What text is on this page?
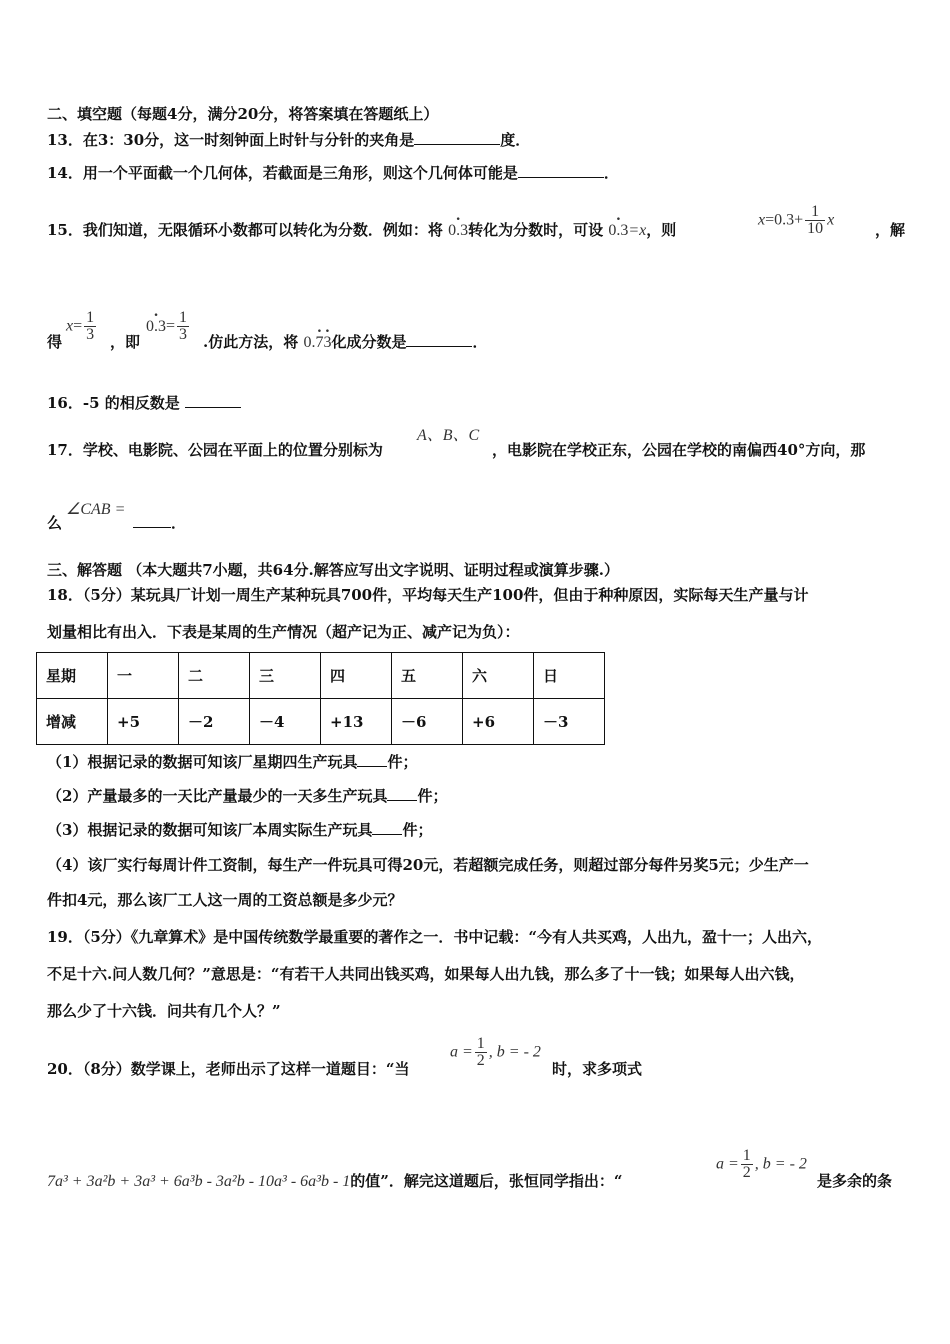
二、填空题（每题4分，满分20分，将答案填在答题纸上）
13．在3：30分，这一时刻钟面上时针与分针的夹角是	度．
14．用一个平面截一个几何体，若截面是三角形，则这个几何体可能是	．
15．我们知道，无限循环小数都可以转化为分数．例如：将 0.3 ·转化为分数时，可设 0.3 ·=x，则
$x=0.3+ \frac{1}{10}$ x
，解
得
$x= \frac{1}{3}$ ，即
$0.3 \cdot= \frac{1}{3}$ .仿此方法，将 0.7 ·3 ·化成分数是	．
16．-5 的相反数是
17．学校、电影院、公园在平面上的位置分别标为
A、B、C
，电影院在学校正东，公园在学校的南偏西40°方向，那
么
∠CAB =
．
三、解答题 （本大题共7小题，共64分.解答应写出文字说明、证明过程或演算步骤.）
18．（5分）某玩具厂计划一周生产某种玩具700件，平均每天生产100件，但由于种种原因，实际每天生产量与计
划量相比有出入．下表是某周的生产情况（超产记为正、减产记为负）：
星期	一	二	三	四	五	六	日
增减	+5	－2	－4	+13	－6	+6	－3
（1）根据记录的数据可知该厂星期四生产玩具 件；
（2）产量最多的一天比产量最少的一天多生产玩具 件；
（3）根据记录的数据可知该厂本周实际生产玩具 件；
（4）该厂实行每周计件工资制，每生产一件玩具可得20元，若超额完成任务，则超过部分每件另奖5元；少生产一
件扣4元，那么该厂工人这一周的工资总额是多少元？
19．（5分）《九章算术》是中国传统数学最重要的著作之一．书中记载：“今有人共买鸡，人出九，盈十一；人出六，
不足十六.问人数几何？”意思是：“有若干人共同出钱买鸡，如果每人出九钱，那么多了十一钱；如果每人出六钱，
那么少了十六钱．问共有几个人？”
20．（8分）数学课上，老师出示了这样一道题目：“当
$a = \frac{1}{2}$ , b = - 2
时，求多项式
7a³ + 3a²b + 3a³ + 6a³b - 3a²b - 10a³ - 6a³b - 1的值”．解完这道题后，张恒同学指出：“
$a = \frac{1}{2}$ , b = - 2
是多余的条
